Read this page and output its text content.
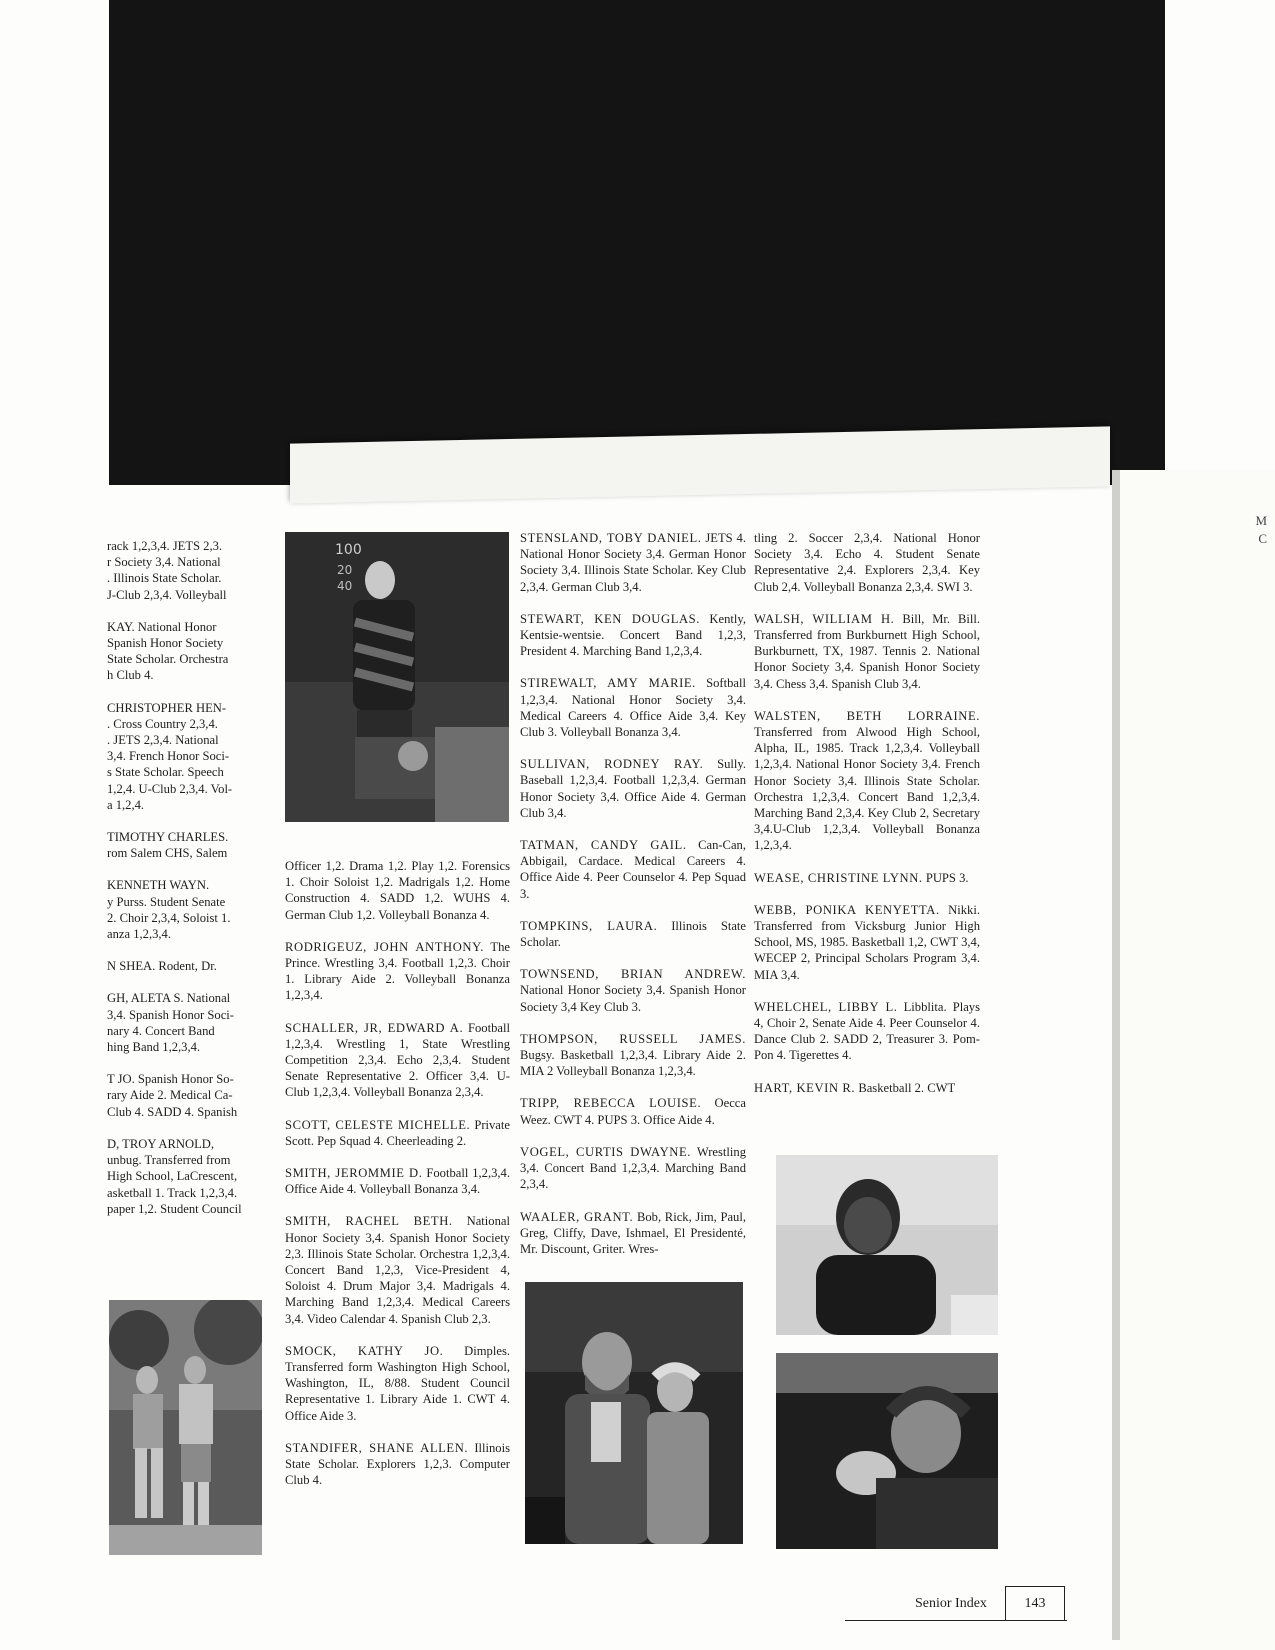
M
C

rack 1,2,3,4. JETS 2,3.
r Society 3,4. National
. Illinois State Scholar.
J-Club 2,3,4. Volleyball

KAY. National Honor
Spanish Honor Society
State Scholar. Orchestra
h Club 4.

CHRISTOPHER HEN-
. Cross Country 2,3,4.
. JETS 2,3,4. National
3,4. French Honor Soci-
s State Scholar. Speech
1,2,4. U-Club 2,3,4. Vol-
a 1,2,4.

TIMOTHY CHARLES.
rom Salem CHS, Salem

KENNETH WAYN.
y Purss. Student Senate
2. Choir 2,3,4, Soloist 1.
anza 1,2,3,4.

N SHEA. Rodent, Dr.

GH, ALETA S. National
3,4. Spanish Honor Soci-
nary 4. Concert Band
hing Band 1,2,3,4.

T JO. Spanish Honor So-
rary Aide 2. Medical Ca-
Club 4. SADD 4. Spanish

D, TROY ARNOLD,
unbug. Transferred from
High School, LaCrescent,
asketball 1. Track 1,2,3,4.
paper 1,2. Student Council

100
20
40

Officer 1,2. Drama 1,2. Play 1,2. Forensics 1. Choir Soloist 1,2. Madrigals 1,2. Home Construction 4. SADD 1,2. WUHS 4. German Club 1,2. Volleyball Bonanza 4.

RODRIGEUZ, JOHN ANTHONY. The Prince. Wrestling 3,4. Football 1,2,3. Choir 1. Library Aide 2. Volleyball Bonanza 1,2,3,4.

SCHALLER, JR, EDWARD A. Football 1,2,3,4. Wrestling 1, State Wrestling Competition 2,3,4. Echo 2,3,4. Student Senate Representative 2. Officer 3,4. U-Club 1,2,3,4. Volleyball Bonanza 2,3,4.

SCOTT, CELESTE MICHELLE. Private Scott. Pep Squad 4. Cheerleading 2.

SMITH, JEROMMIE D. Football 1,2,3,4. Office Aide 4. Volleyball Bonanza 3,4.

SMITH, RACHEL BETH. National Honor Society 3,4. Spanish Honor Society 2,3. Illinois State Scholar. Orchestra 1,2,3,4. Concert Band 1,2,3, Vice-President 4, Soloist 4. Drum Major 3,4. Madrigals 4. Marching Band 1,2,3,4. Medical Careers 3,4. Video Calendar 4. Spanish Club 2,3.

SMOCK, KATHY JO. Dimples. Transferred form Washington High School, Washington, IL, 8/88. Student Council Representative 1. Library Aide 1. CWT 4. Office Aide 3.

STANDIFER, SHANE ALLEN. Illinois State Scholar. Explorers 1,2,3. Computer Club 4.

STENSLAND, TOBY DANIEL. JETS 4. National Honor Society 3,4. German Honor Society 3,4. Illinois State Scholar. Key Club 2,3,4. German Club 3,4.

STEWART, KEN DOUGLAS. Kently, Kentsie-wentsie. Concert Band 1,2,3, President 4. Marching Band 1,2,3,4.

STIREWALT, AMY MARIE. Softball 1,2,3,4. National Honor Society 3,4. Medical Careers 4. Office Aide 3,4. Key Club 3. Volleyball Bonanza 3,4.

SULLIVAN, RODNEY RAY. Sully. Baseball 1,2,3,4. Football 1,2,3,4. German Honor Society 3,4. Office Aide 4. German Club 3,4.

TATMAN, CANDY GAIL. Can-Can, Abbigail, Cardace. Medical Careers 4. Office Aide 4. Peer Counselor 4. Pep Squad 3.

TOMPKINS, LAURA. Illinois State Scholar.

TOWNSEND, BRIAN ANDREW. National Honor Society 3,4. Spanish Honor Society 3,4 Key Club 3.

THOMPSON, RUSSELL JAMES. Bugsy. Basketball 1,2,3,4. Library Aide 2. MIA 2 Volleyball Bonanza 1,2,3,4.

TRIPP, REBECCA LOUISE. Oecca Weez. CWT 4. PUPS 3. Office Aide 4.

VOGEL, CURTIS DWAYNE. Wrestling 3,4. Concert Band 1,2,3,4. Marching Band 2,3,4.

WAALER, GRANT. Bob, Rick, Jim, Paul, Greg, Cliffy, Dave, Ishmael, El Presidenté, Mr. Discount, Griter. Wres-

tling 2. Soccer 2,3,4. National Honor Society 3,4. Echo 4. Student Senate Representative 2,4. Explorers 2,3,4. Key Club 2,4. Volleyball Bonanza 2,3,4. SWI 3.

WALSH, WILLIAM H. Bill, Mr. Bill. Transferred from Burkburnett High School, Burkburnett, TX, 1987. Tennis 2. National Honor Society 3,4. Spanish Honor Society 3,4. Chess 3,4. Spanish Club 3,4.

WALSTEN, BETH LORRAINE. Transferred from Alwood High School, Alpha, IL, 1985. Track 1,2,3,4. Volleyball 1,2,3,4. National Honor Society 3,4. French Honor Society 3,4. Illinois State Scholar. Orchestra 1,2,3,4. Concert Band 1,2,3,4. Marching Band 2,3,4. Key Club 2, Secretary 3,4.U-Club 1,2,3,4. Volleyball Bonanza 1,2,3,4.

WEASE, CHRISTINE LYNN. PUPS 3.

WEBB, PONIKA KENYETTA. Nikki. Transferred from Vicksburg Junior High School, MS, 1985. Basketball 1,2, CWT 3,4, WECEP 2, Principal Scholars Program 3,4. MIA 3,4.

WHELCHEL, LIBBY L. Libblita. Plays 4, Choir 2, Senate Aide 4. Peer Counselor 4. Dance Club 2. SADD 2, Treasurer 3. Pom-Pon 4. Tigerettes 4.

HART, KEVIN R. Basketball 2. CWT

Senior Index	143
